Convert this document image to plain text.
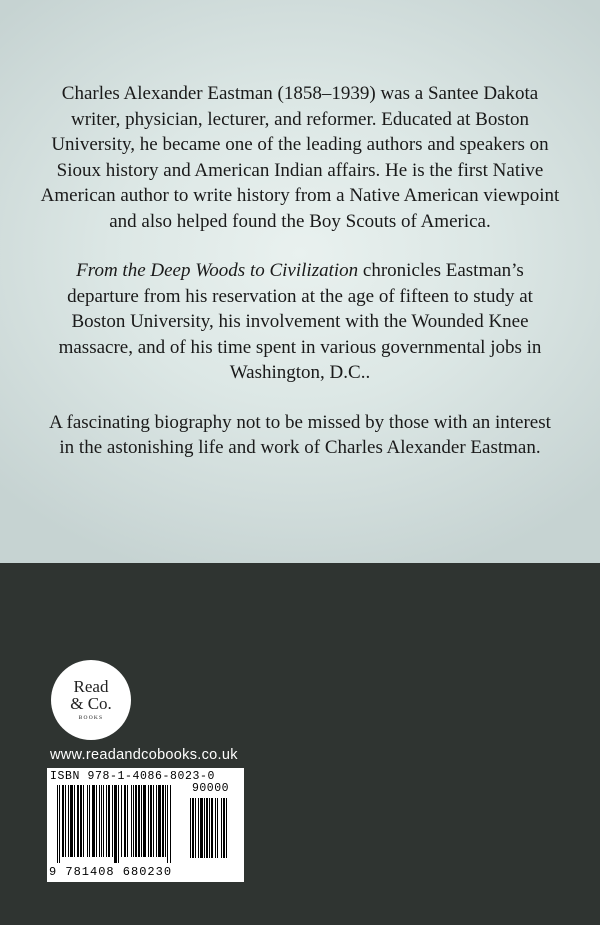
Charles Alexander Eastman (1858–1939) was a Santee Dakota writer, physician, lecturer, and reformer. Educated at Boston University, he became one of the leading authors and speakers on Sioux history and American Indian affairs. He is the first Native American author to write history from a Native American viewpoint and also helped found the Boy Scouts of America.

From the Deep Woods to Civilization chronicles Eastman’s departure from his reservation at the age of fifteen to study at Boston University, his involvement with the Wounded Knee massacre, and of his time spent in various governmental jobs in Washington, D.C..

A fascinating biography not to be missed by those with an interest in the astonishing life and work of Charles Alexander Eastman.

Read
& Co.
BOOKS
www.readandcobooks.co.uk
ISBN 978-1-4086-8023-0
90000
9 781408 680230
